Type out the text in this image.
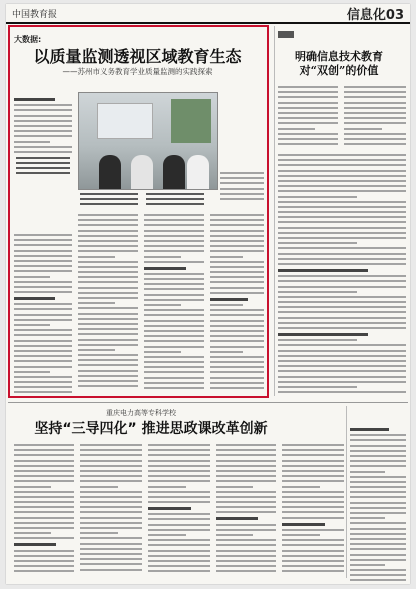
中国教育报	信息化03
大数据:
以质量监测透视区域教育生态
——苏州市义务教育学业质量监测的实践探索
明确信息技术教育
对“双创”的价值
重庆电力高等专科学校
坚持“三导四化” 推进思政课改革创新
